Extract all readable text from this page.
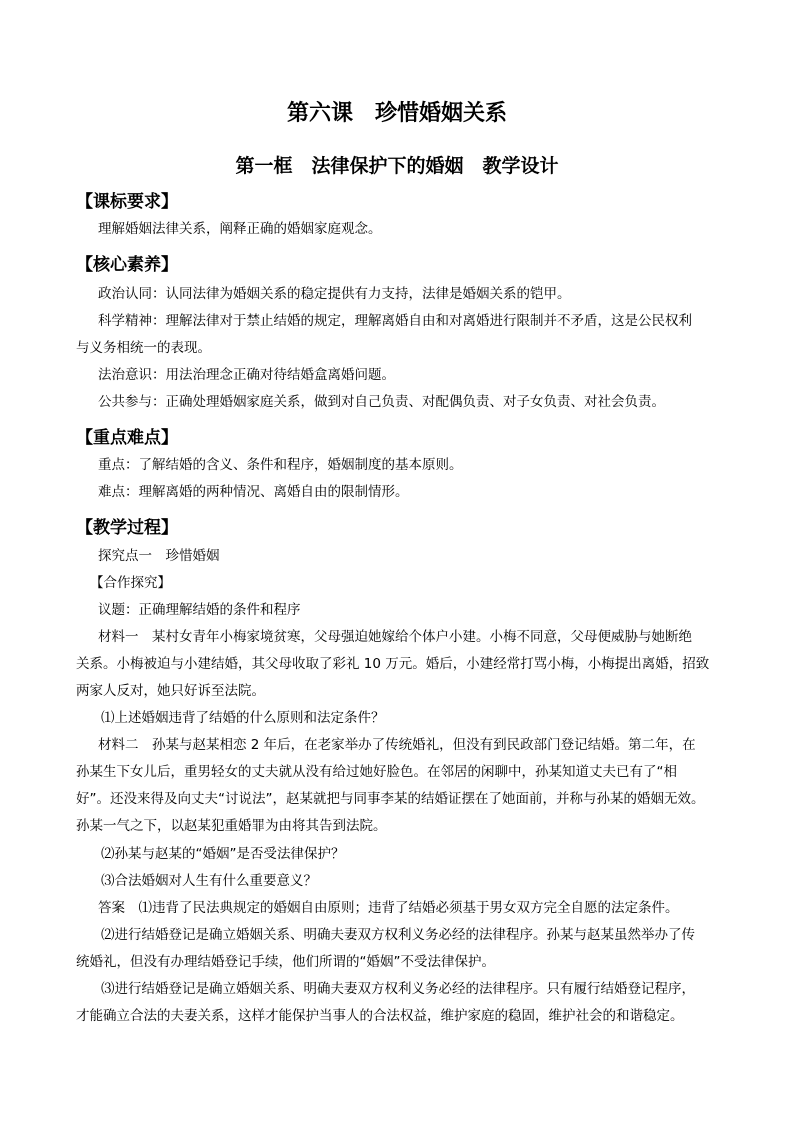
第六课　珍惜婚姻关系
第一框　法律保护下的婚姻　教学设计
【课标要求】
理解婚姻法律关系，阐释正确的婚姻家庭观念。
【核心素养】
政治认同：认同法律为婚姻关系的稳定提供有力支持，法律是婚姻关系的铠甲。
科学精神：理解法律对于禁止结婚的规定，理解离婚自由和对离婚进行限制并不矛盾，这是公民权利
与义务相统一的表现。
法治意识：用法治理念正确对待结婚盒离婚问题。
公共参与：正确处理婚姻家庭关系，做到对自己负责、对配偶负责、对子女负责、对社会负责。
【重点难点】
重点：了解结婚的含义、条件和程序，婚姻制度的基本原则。
难点：理解离婚的两种情况、离婚自由的限制情形。
【教学过程】
探究点一　珍惜婚姻
【合作探究】
议题：正确理解结婚的条件和程序
材料一　某村女青年小梅家境贫寒，父母强迫她嫁给个体户小建。小梅不同意，父母便威胁与她断绝
关系。小梅被迫与小建结婚，其父母收取了彩礼 10 万元。婚后，小建经常打骂小梅，小梅提出离婚，招致
两家人反对，她只好诉至法院。
⑴上述婚姻违背了结婚的什么原则和法定条件？
材料二　孙某与赵某相恋 2 年后，在老家举办了传统婚礼，但没有到民政部门登记结婚。第二年，在
孙某生下女儿后，重男轻女的丈夫就从没有给过她好脸色。在邻居的闲聊中，孙某知道丈夫已有了“相
好”。还没来得及向丈夫“讨说法”，赵某就把与同事李某的结婚证摆在了她面前，并称与孙某的婚姻无效。
孙某一气之下，以赵某犯重婚罪为由将其告到法院。
⑵孙某与赵某的“婚姻”是否受法律保护？
⑶合法婚姻对人生有什么重要意义？
答案　⑴违背了民法典规定的婚姻自由原则；违背了结婚必须基于男女双方完全自愿的法定条件。
⑵进行结婚登记是确立婚姻关系、明确夫妻双方权利义务必经的法律程序。孙某与赵某虽然举办了传
统婚礼，但没有办理结婚登记手续，他们所谓的“婚姻”不受法律保护。
⑶进行结婚登记是确立婚姻关系、明确夫妻双方权利义务必经的法律程序。只有履行结婚登记程序，
才能确立合法的夫妻关系，这样才能保护当事人的合法权益，维护家庭的稳固，维护社会的和谐稳定。
